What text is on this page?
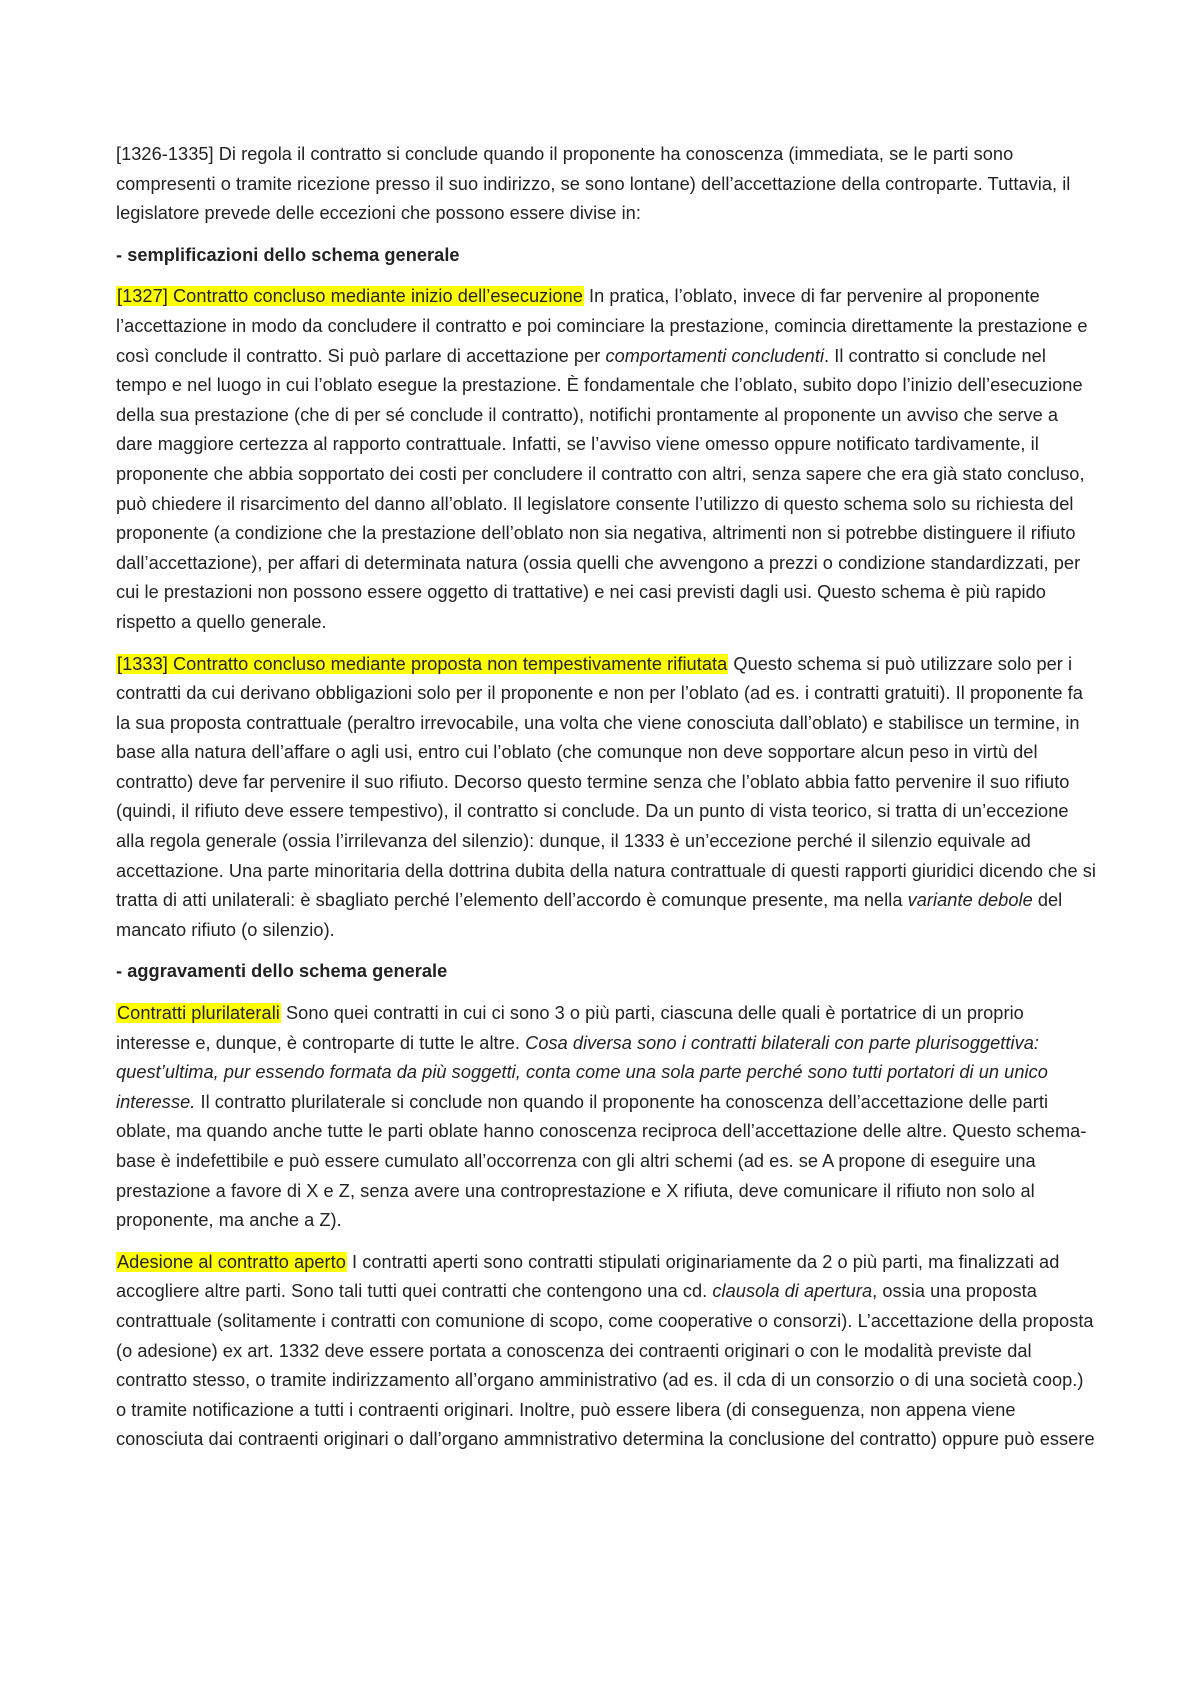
[1326-1335] Di regola il contratto si conclude quando il proponente ha conoscenza (immediata, se le parti sono compresenti o tramite ricezione presso il suo indirizzo, se sono lontane) dell’accettazione della controparte. Tuttavia, il legislatore prevede delle eccezioni che possono essere divise in:

- semplificazioni dello schema generale

[1327] Contratto concluso mediante inizio dell’esecuzione In pratica, l’oblato, invece di far pervenire al proponente l’accettazione in modo da concludere il contratto e poi cominciare la prestazione, comincia direttamente la prestazione e così conclude il contratto. Si può parlare di accettazione per comportamenti concludenti. Il contratto si conclude nel tempo e nel luogo in cui l’oblato esegue la prestazione. È fondamentale che l’oblato, subito dopo l’inizio dell’esecuzione della sua prestazione (che di per sé conclude il contratto), notifichi prontamente al proponente un avviso che serve a dare maggiore certezza al rapporto contrattuale. Infatti, se l’avviso viene omesso oppure notificato tardivamente, il proponente che abbia sopportato dei costi per concludere il contratto con altri, senza sapere che era già stato concluso, può chiedere il risarcimento del danno all’oblato. Il legislatore consente l’utilizzo di questo schema solo su richiesta del proponente (a condizione che la prestazione dell’oblato non sia negativa, altrimenti non si potrebbe distinguere il rifiuto dall’accettazione), per affari di determinata natura (ossia quelli che avvengono a prezzi o condizione standardizzati, per cui le prestazioni non possono essere oggetto di trattative) e nei casi previsti dagli usi. Questo schema è più rapido rispetto a quello generale.

[1333] Contratto concluso mediante proposta non tempestivamente rifiutata Questo schema si può utilizzare solo per i contratti da cui derivano obbligazioni solo per il proponente e non per l’oblato (ad es. i contratti gratuiti). Il proponente fa la sua proposta contrattuale (peraltro irrevocabile, una volta che viene conosciuta dall’oblato) e stabilisce un termine, in base alla natura dell’affare o agli usi, entro cui l’oblato (che comunque non deve sopportare alcun peso in virtù del contratto) deve far pervenire il suo rifiuto. Decorso questo termine senza che l’oblato abbia fatto pervenire il suo rifiuto (quindi, il rifiuto deve essere tempestivo), il contratto si conclude. Da un punto di vista teorico, si tratta di un’eccezione alla regola generale (ossia l’irrilevanza del silenzio): dunque, il 1333 è un’eccezione perché il silenzio equivale ad accettazione. Una parte minoritaria della dottrina dubita della natura contrattuale di questi rapporti giuridici dicendo che si tratta di atti unilaterali: è sbagliato perché l’elemento dell’accordo è comunque presente, ma nella variante debole del mancato rifiuto (o silenzio).

- aggravamenti dello schema generale

Contratti plurilaterali Sono quei contratti in cui ci sono 3 o più parti, ciascuna delle quali è portatrice di un proprio interesse e, dunque, è controparte di tutte le altre. Cosa diversa sono i contratti bilaterali con parte plurisoggettiva: quest’ultima, pur essendo formata da più soggetti, conta come una sola parte perché sono tutti portatori di un unico interesse. Il contratto plurilaterale si conclude non quando il proponente ha conoscenza dell’accettazione delle parti oblate, ma quando anche tutte le parti oblate hanno conoscenza reciproca dell’accettazione delle altre. Questo schema-base è indefettibile e può essere cumulato all’occorrenza con gli altri schemi (ad es. se A propone di eseguire una prestazione a favore di X e Z, senza avere una controprestazione e X rifiuta, deve comunicare il rifiuto non solo al proponente, ma anche a Z).

Adesione al contratto aperto I contratti aperti sono contratti stipulati originariamente da 2 o più parti, ma finalizzati ad accogliere altre parti. Sono tali tutti quei contratti che contengono una cd. clausola di apertura, ossia una proposta contrattuale (solitamente i contratti con comunione di scopo, come cooperative o consorzi). L’accettazione della proposta (o adesione) ex art. 1332 deve essere portata a conoscenza dei contraenti originari o con le modalità previste dal contratto stesso, o tramite indirizzamento all’organo amministrativo (ad es. il cda di un consorzio o di una società coop.) o tramite notificazione a tutti i contraenti originari. Inoltre, può essere libera (di conseguenza, non appena viene conosciuta dai contraenti originari o dall’organo ammnistrativo determina la conclusione del contratto) oppure può essere
